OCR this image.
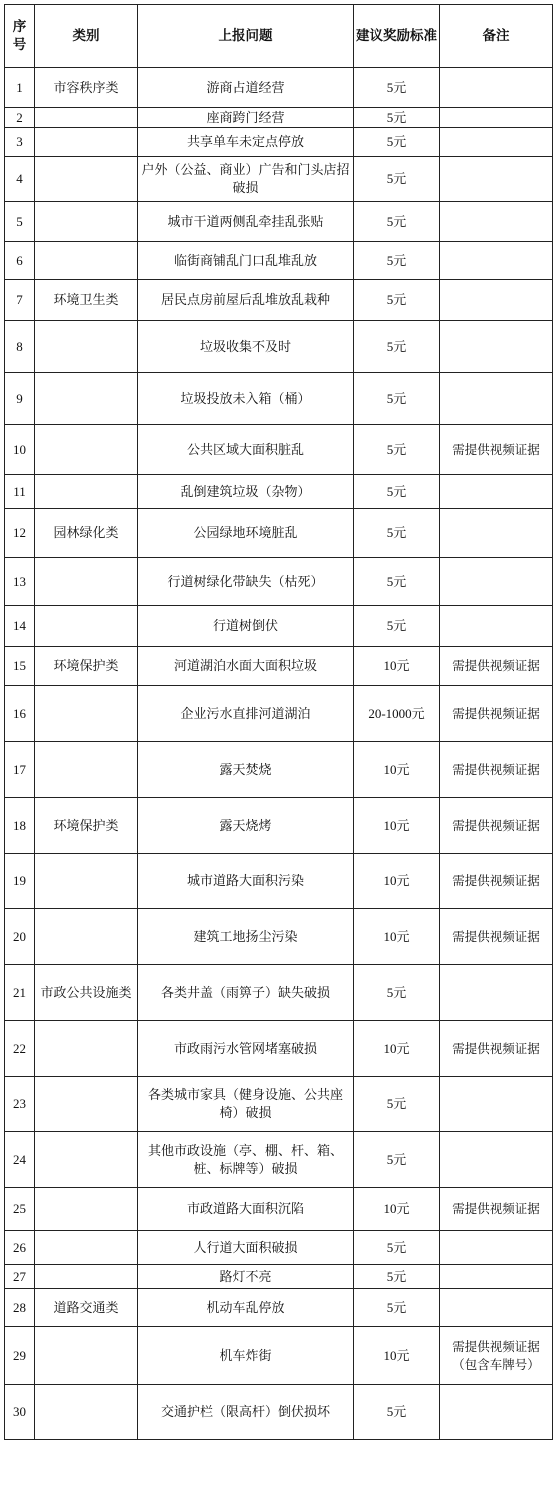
序号	类别	上报问题	建议奖励标准	备注
1	市容秩序类	游商占道经营	5元	
2		座商跨门经营	5元	
3		共享单车未定点停放	5元	
4		户外（公益、商业）广告和门头店招破损	5元	
5		城市干道两侧乱牵挂乱张贴	5元	
6		临街商铺乱门口乱堆乱放	5元	
7	环境卫生类	居民点房前屋后乱堆放乱栽种	5元	
8		垃圾收集不及时	5元	
9		垃圾投放未入箱（桶）	5元	
10		公共区域大面积脏乱	5元	需提供视频证据
11		乱倒建筑垃圾（杂物）	5元	
12	园林绿化类	公园绿地环境脏乱	5元	
13		行道树绿化带缺失（枯死）	5元	
14		行道树倒伏	5元	
15	环境保护类	河道湖泊水面大面积垃圾	10元	需提供视频证据
16		企业污水直排河道湖泊	20-1000元	需提供视频证据
17		露天焚烧	10元	需提供视频证据
18	环境保护类	露天烧烤	10元	需提供视频证据
19		城市道路大面积污染	10元	需提供视频证据
20		建筑工地扬尘污染	10元	需提供视频证据
21	市政公共设施类	各类井盖（雨箅子）缺失破损	5元	
22		市政雨污水管网堵塞破损	10元	需提供视频证据
23		各类城市家具（健身设施、公共座椅）破损	5元	
24		其他市政设施（亭、棚、杆、箱、桩、标牌等）破损	5元	
25		市政道路大面积沉陷	10元	需提供视频证据
26		人行道大面积破损	5元	
27		路灯不亮	5元	
28	道路交通类	机动车乱停放	5元	
29		机车炸街	10元	需提供视频证据（包含车牌号）
30		交通护栏（限高杆）倒伏损坏	5元	
